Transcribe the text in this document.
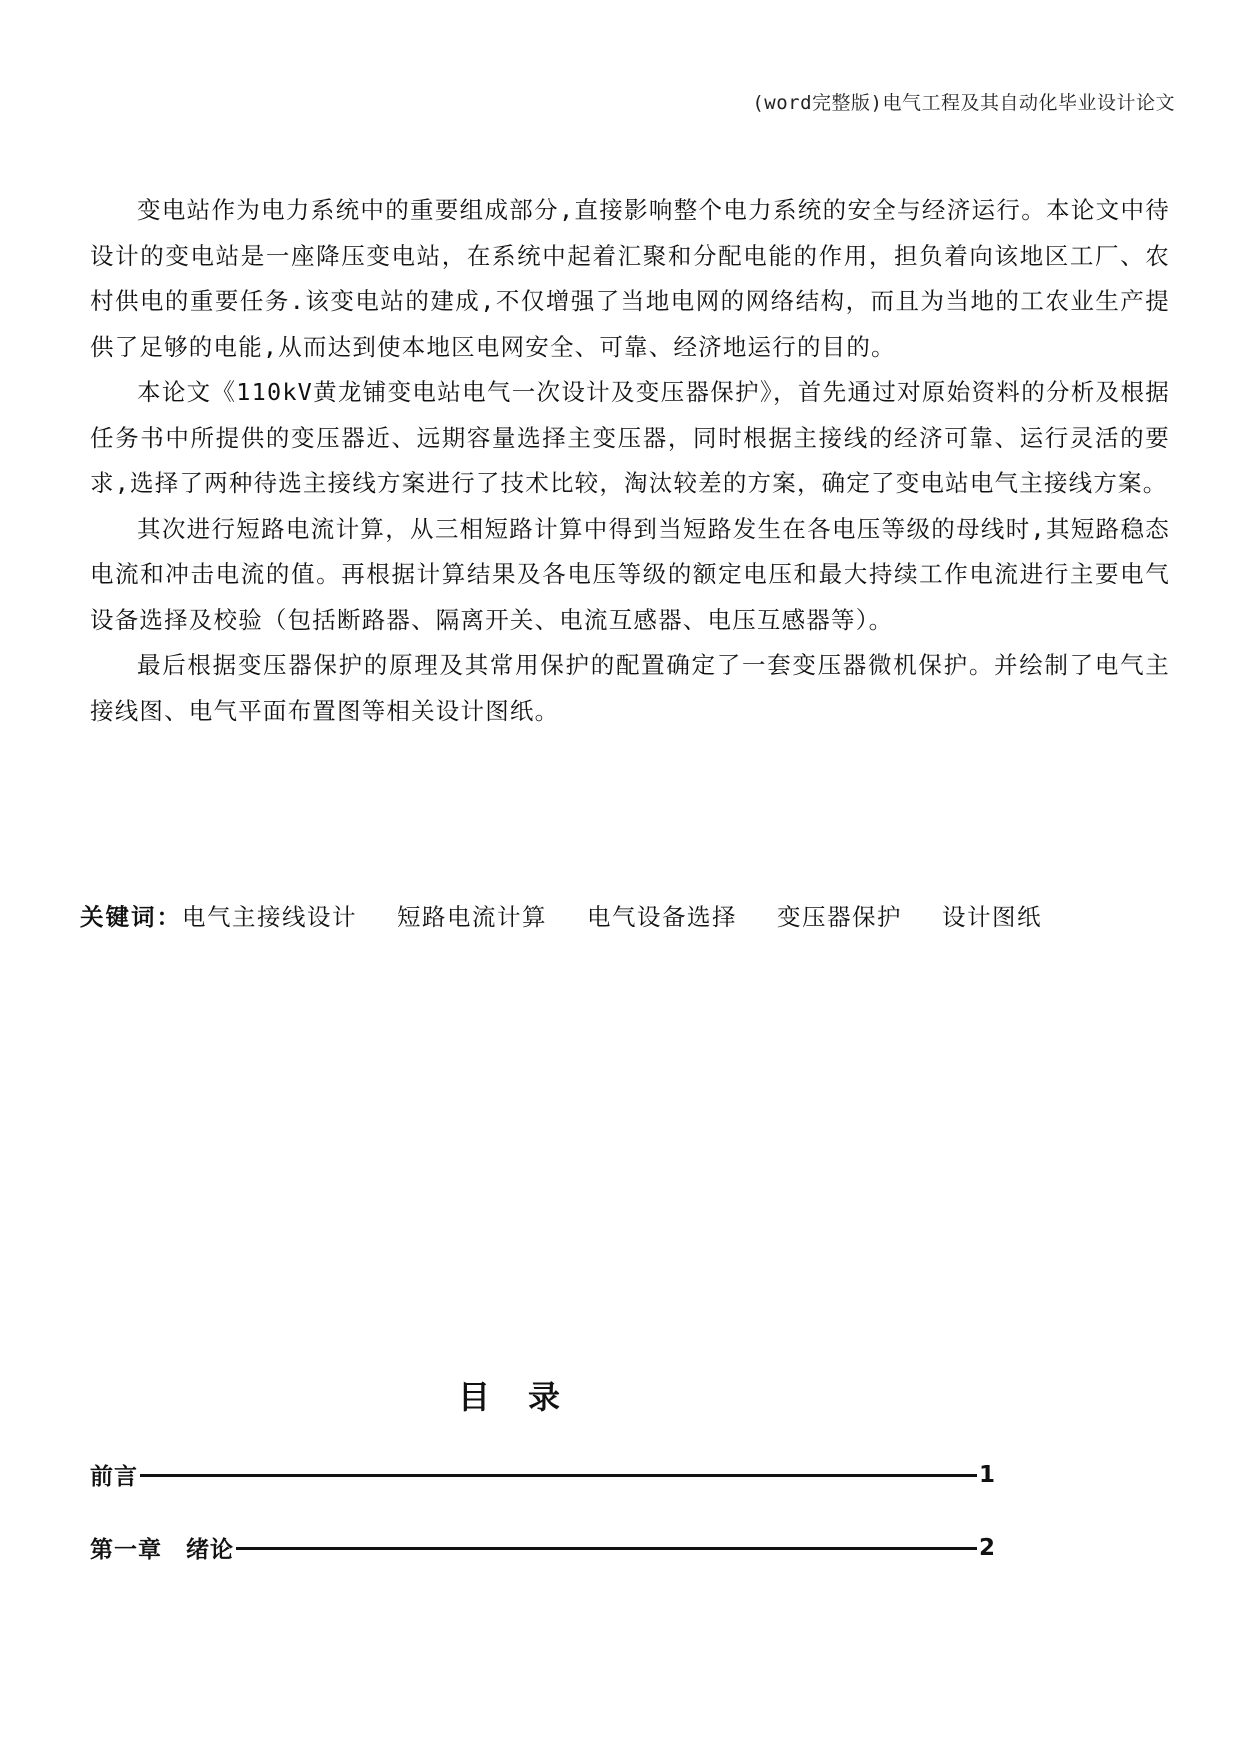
(word完整版)电气工程及其自动化毕业设计论文

变电站作为电力系统中的重要组成部分,直接影响整个电力系统的安全与经济运行。本论文中待设计的变电站是一座降压变电站，在系统中起着汇聚和分配电能的作用，担负着向该地区工厂、农村供电的重要任务.该变电站的建成,不仅增强了当地电网的网络结构，而且为当地的工农业生产提供了足够的电能,从而达到使本地区电网安全、可靠、经济地运行的目的。

本论文《110kV黄龙铺变电站电气一次设计及变压器保护》，首先通过对原始资料的分析及根据任务书中所提供的变压器近、远期容量选择主变压器，同时根据主接线的经济可靠、运行灵活的要求,选择了两种待选主接线方案进行了技术比较，淘汰较差的方案，确定了变电站电气主接线方案。

其次进行短路电流计算，从三相短路计算中得到当短路发生在各电压等级的母线时,其短路稳态电流和冲击电流的值。再根据计算结果及各电压等级的额定电压和最大持续工作电流进行主要电气设备选择及校验（包括断路器、隔离开关、电流互感器、电压互感器等）。

最后根据变压器保护的原理及其常用保护的配置确定了一套变压器微机保护。并绘制了电气主接线图、电气平面布置图等相关设计图纸。

关键词：电气主接线设计 短路电流计算 电气设备选择 变压器保护 设计图纸
目录
前言	1
第一章　绪论	2
